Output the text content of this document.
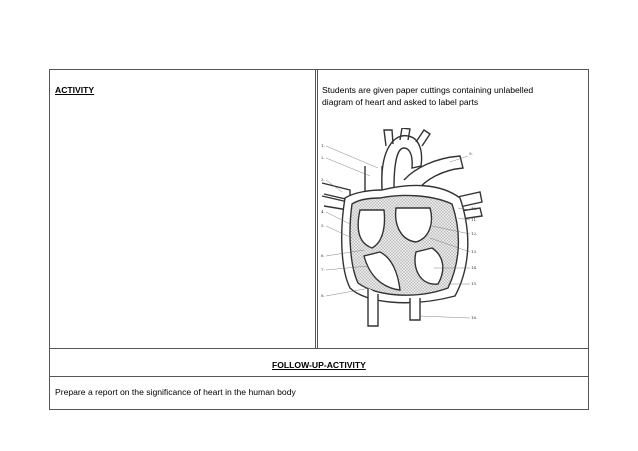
ACTIVITY	Students are given paper cuttings containing unlabelled
diagram of heart and asked to label parts
1.
2.
3.
4.
5.
6.
7.
8.
9.
10.
11.
12.
13.
14.
15.
16.
FOLLOW-UP-ACTIVITY
Prepare a report on the significance of heart in the human body
